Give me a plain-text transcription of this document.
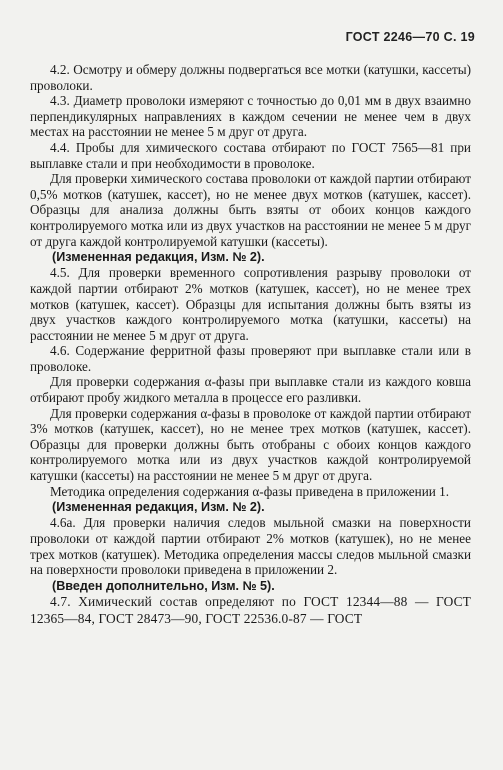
ГОСТ 2246—70 С. 19

4.2. Осмотру и обмеру должны подвергаться все мотки (катушки, кассеты) проволоки.

4.3. Диаметр проволоки измеряют с точностью до 0,01 мм в двух взаимно перпендикулярных направлениях в каждом сечении не менее чем в двух местах на расстоянии не менее 5 м друг от друга.

4.4. Пробы для химического состава отбирают по ГОСТ 7565—81 при выплавке стали и при необходимости в проволоке.

Для проверки химического состава проволоки от каждой партии отбирают 0,5% мотков (катушек, кассет), но не менее двух мотков (катушек, кассет). Образцы для анализа должны быть взяты от обоих концов каждого контролируемого мотка или из двух участков на расстоянии не менее 5 м друг от друга каждой контролируемой катушки (кассеты).

(Измененная редакция, Изм. № 2).

4.5. Для проверки временного сопротивления разрыву проволоки от каждой партии отбирают 2% мотков (катушек, кассет), но не менее трех мотков (катушек, кассет). Образцы для испытания должны быть взяты из двух участков каждого контролируемого мотка (катушки, кассеты) на расстоянии не менее 5 м друг от друга.

4.6. Содержание ферритной фазы проверяют при выплавке стали или в проволоке.

Для проверки содержания α-фазы при выплавке стали из каждого ковша отбирают пробу жидкого металла в процессе его разливки.

Для проверки содержания α-фазы в проволоке от каждой партии отбирают 3% мотков (катушек, кассет), но не менее трех мотков (катушек, кассет). Образцы для проверки должны быть отобраны с обоих концов каждого контролируемого мотка или из двух участков каждой контролируемой катушки (кассеты) на расстоянии не менее 5 м друг от друга.

Методика определения содержания α-фазы приведена в приложении 1.

(Измененная редакция, Изм. № 2).

4.6а. Для проверки наличия следов мыльной смазки на поверхности проволоки от каждой партии отбирают 2% мотков (катушек), но не менее трех мотков (катушек). Методика определения массы следов мыльной смазки на поверхности проволоки приведена в приложении 2.

(Введен дополнительно, Изм. № 5).

4.7. Химический состав определяют по ГОСТ 12344—88 — ГОСТ 12365—84, ГОСТ 28473—90, ГОСТ 22536.0-87 — ГОСТ
